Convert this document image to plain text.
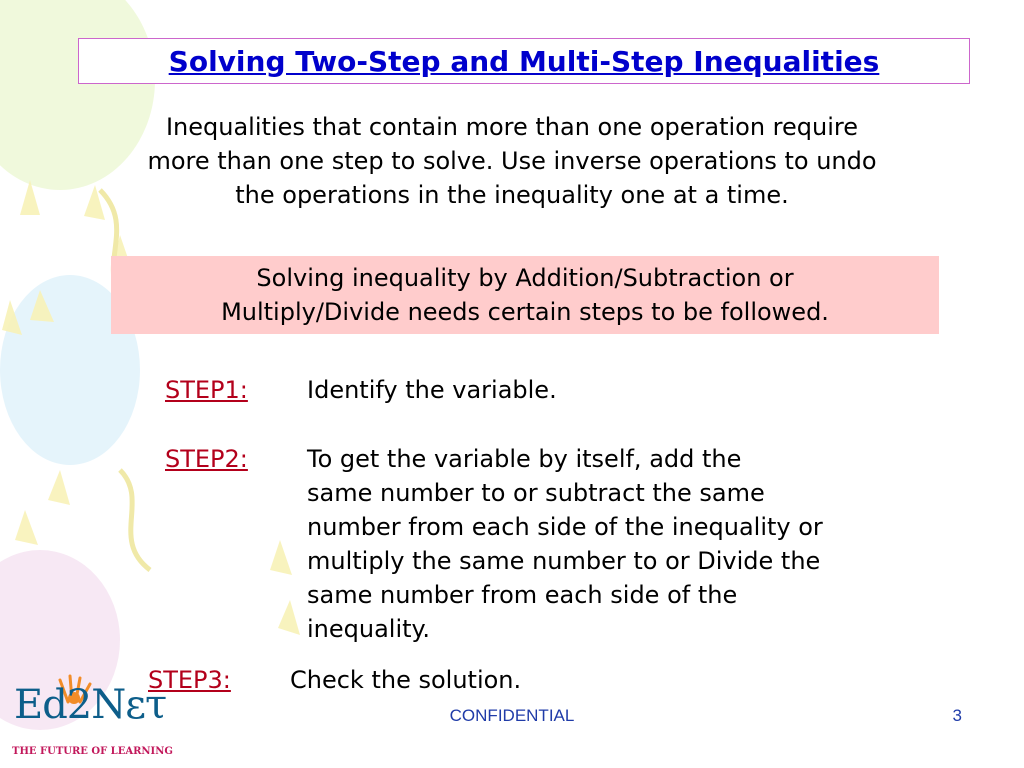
Solving Two-Step and Multi-Step Inequalities
Inequalities that contain more than one operation require
more than one step to solve. Use inverse operations to undo
the operations in the inequality one at a time.
Solving inequality by Addition/Subtraction or
Multiply/Divide needs certain steps to be followed.
STEP1: Identify the variable.
STEP2: To get the variable by itself, add the
same number to or subtract the same
number from each side of the inequality or
multiply the same number to or Divide the
same number from each side of the
inequality.
STEP3: Check the solution.
Ed2Nετ
THE FUTURE OF LEARNING
CONFIDENTIAL	3
